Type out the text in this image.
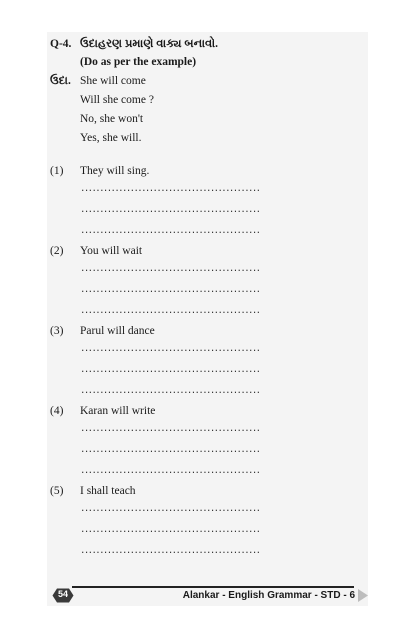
Q-4. ઉદાહરણ પ્રમાણે વાક્ય બનાવો.
(Do as per the example)
ઉદા. She will come
Will she come ?
No, she won't
Yes, she will.
(1) They will sing.
...............................................
...............................................
...............................................
(2) You will wait
...............................................
...............................................
...............................................
(3) Parul will dance
...............................................
...............................................
...............................................
(4) Karan will write
...............................................
...............................................
...............................................
(5) I shall teach
...............................................
...............................................
...............................................
54	Alankar - English Grammar - STD - 6
